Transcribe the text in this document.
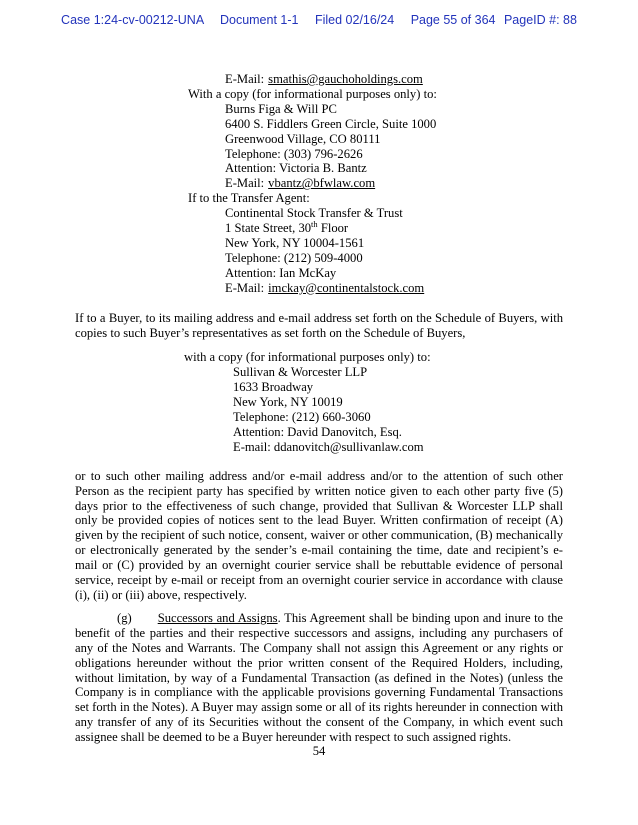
Case 1:24-cv-00212-UNA Document 1-1 Filed 02/16/24 Page 55 of 364 PageID #: 88
E-Mail: smathis@gauchoholdings.com
With a copy (for informational purposes only) to:
Burns Figa & Will PC
6400 S. Fiddlers Green Circle, Suite 1000
Greenwood Village, CO 80111
Telephone: (303) 796-2626
Attention: Victoria B. Bantz
E-Mail: vbantz@bfwlaw.com
If to the Transfer Agent:
Continental Stock Transfer & Trust
1 State Street, 30th Floor
New York, NY 10004-1561
Telephone: (212) 509-4000
Attention: Ian McKay
E-Mail: imckay@continentalstock.com

If to a Buyer, to its mailing address and e-mail address set forth on the Schedule of Buyers, with copies to such Buyer’s representatives as set forth on the Schedule of Buyers,

with a copy (for informational purposes only) to:
Sullivan & Worcester LLP
1633 Broadway
New York, NY 10019
Telephone: (212) 660-3060
Attention: David Danovitch, Esq.
E-mail: ddanovitch@sullivanlaw.com

or to such other mailing address and/or e-mail address and/or to the attention of such other Person as the recipient party has specified by written notice given to each other party five (5) days prior to the effectiveness of such change, provided that Sullivan & Worcester LLP shall only be provided copies of notices sent to the lead Buyer. Written confirmation of receipt (A) given by the recipient of such notice, consent, waiver or other communication, (B) mechanically or electronically generated by the sender’s e-mail containing the time, date and recipient’s e-mail or (C) provided by an overnight courier service shall be rebuttable evidence of personal service, receipt by e-mail or receipt from an overnight courier service in accordance with clause (i), (ii) or (iii) above, respectively.

(g) Successors and Assigns. This Agreement shall be binding upon and inure to the benefit of the parties and their respective successors and assigns, including any purchasers of any of the Notes and Warrants. The Company shall not assign this Agreement or any rights or obligations hereunder without the prior written consent of the Required Holders, including, without limitation, by way of a Fundamental Transaction (as defined in the Notes) (unless the Company is in compliance with the applicable provisions governing Fundamental Transactions set forth in the Notes). A Buyer may assign some or all of its rights hereunder in connection with any transfer of any of its Securities without the consent of the Company, in which event such assignee shall be deemed to be a Buyer hereunder with respect to such assigned rights.

54
